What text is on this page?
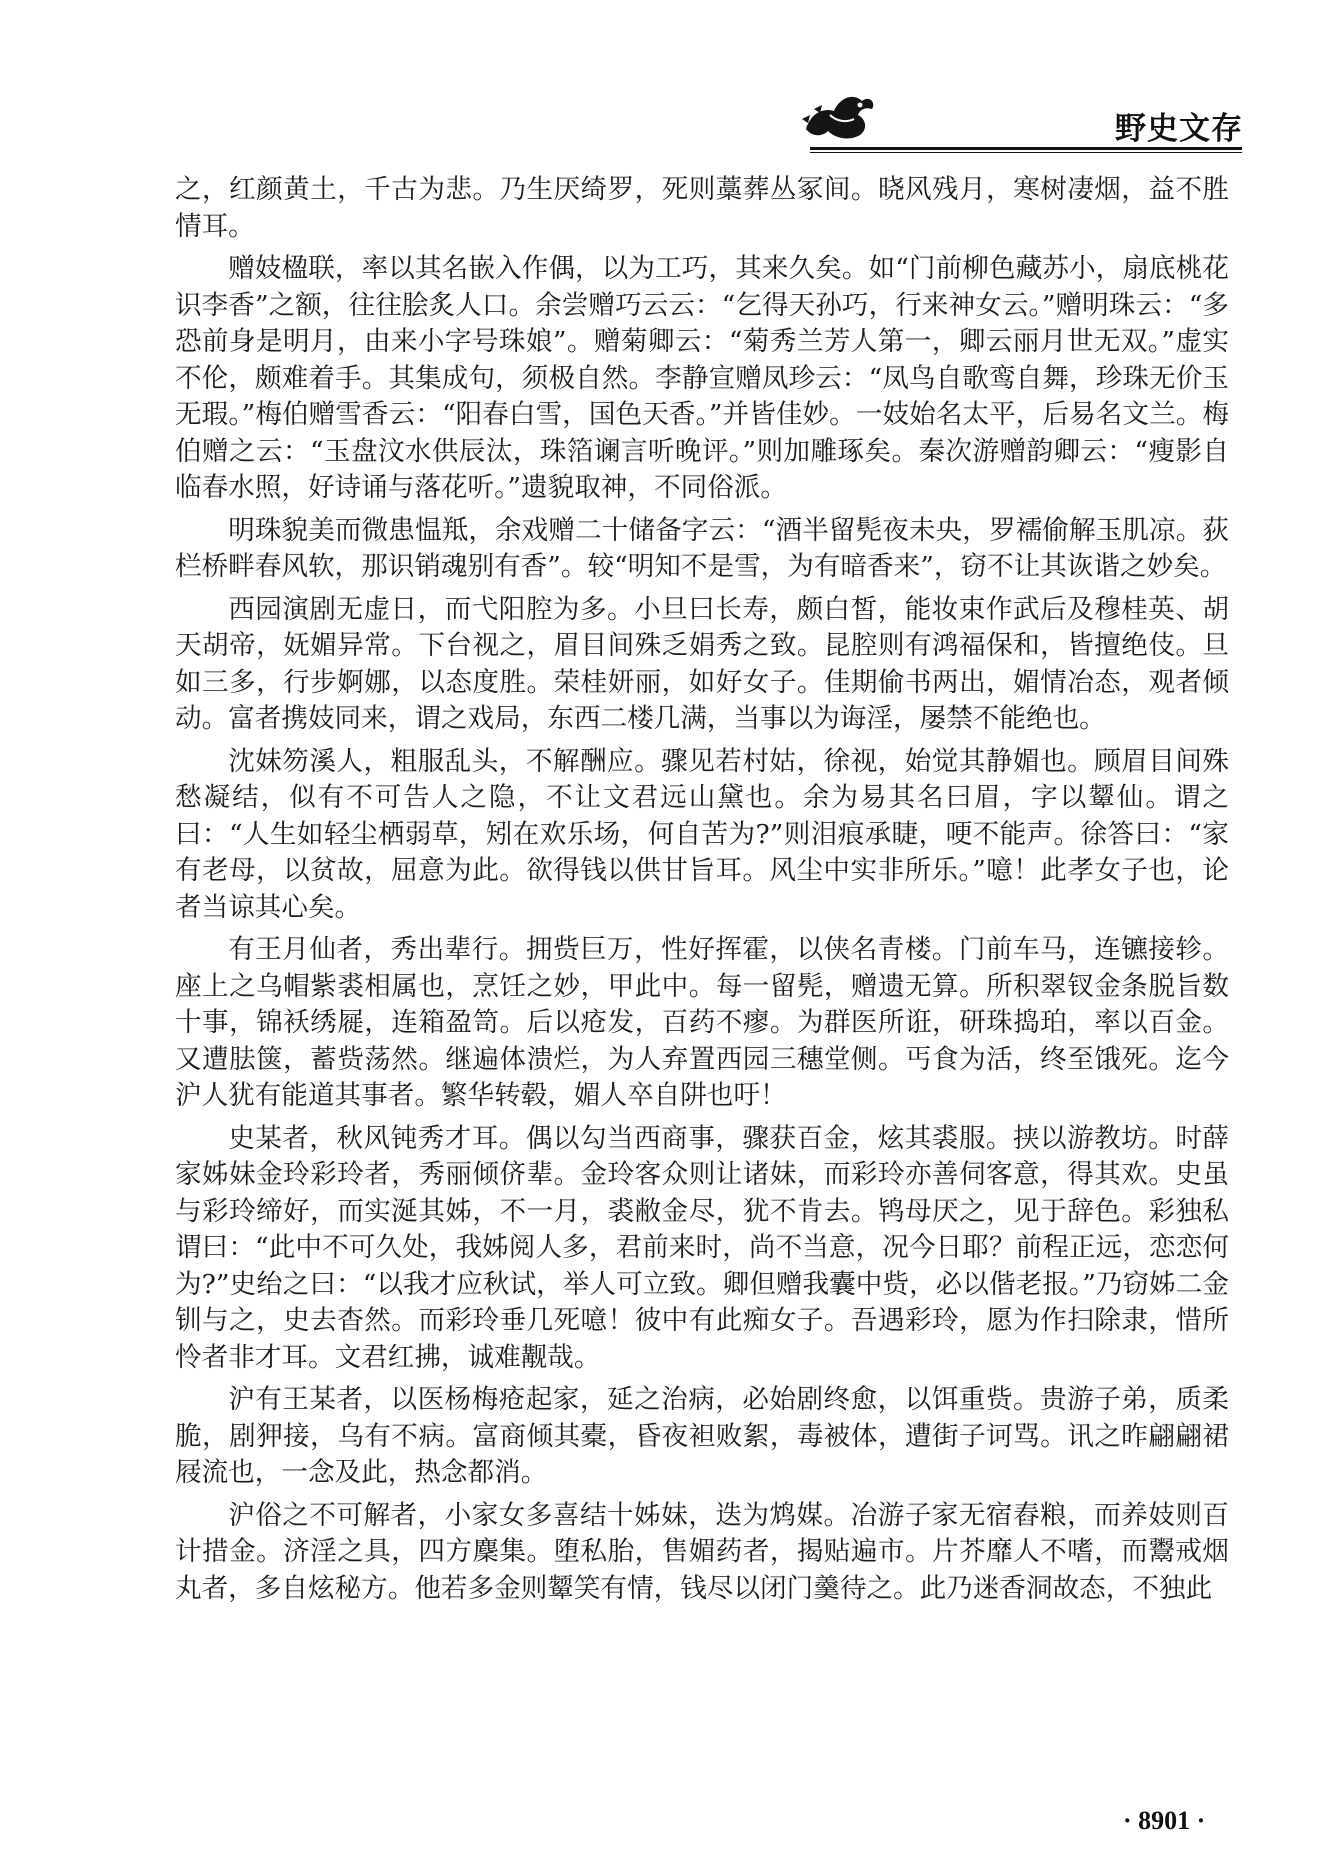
野史文存

之，红颜黄土，千古为悲。乃生厌绮罗，死则藁葬丛冢间。晓风残月，寒树凄烟，益不胜情耳。

赠妓楹联，率以其名嵌入作偶，以为工巧，其来久矣。如“门前柳色藏苏小，扇底桃花识李香”之额，往往脍炙人口。余尝赠巧云云：“乞得天孙巧，行来神女云。”赠明珠云：“多恐前身是明月，由来小字号珠娘”。赠菊卿云：“菊秀兰芳人第一，卿云丽月世无双。”虚实不伦，颇难着手。其集成句，须极自然。李静宣赠凤珍云：“凤鸟自歌鸾自舞，珍珠无价玉无瑕。”梅伯赠雪香云：“阳春白雪，国色天香。”并皆佳妙。一妓始名太平，后易名文兰。梅伯赠之云：“玉盘汶水供辰汰，珠箔谰言听晚评。”则加雕琢矣。秦次游赠韵卿云：“瘦影自临春水照，好诗诵与落花听。”遗貌取神，不同俗派。

明珠貌美而微患愠羝，余戏赠二十储备字云：“酒半留髡夜未央，罗襦偷解玉肌凉。荻栏桥畔春风软，那识销魂别有香”。较“明知不是雪，为有暗香来”，窃不让其诙谐之妙矣。

西园演剧无虚日，而弋阳腔为多。小旦曰长寿，颇白皙，能妆束作武后及穆桂英、胡天胡帝，妩媚异常。下台视之，眉目间殊乏娟秀之致。昆腔则有鸿福保和，皆擅绝伎。旦如三多，行步婀娜，以态度胜。荣桂妍丽，如好女子。佳期偷书两出，媚情冶态，观者倾动。富者携妓同来，谓之戏局，东西二楼几满，当事以为诲淫，屡禁不能绝也。

沈妹笏溪人，粗服乱头，不解酬应。骤见若村姑，徐视，始觉其静媚也。顾眉目间殊愁凝结，似有不可告人之隐，不让文君远山黛也。余为易其名曰眉，字以颦仙。谓之曰：“人生如轻尘栖弱草，矧在欢乐场，何自苦为?”则泪痕承睫，哽不能声。徐答曰：“家有老母，以贫故，屈意为此。欲得钱以供甘旨耳。风尘中实非所乐。”噫！此孝女子也，论者当谅其心矣。

有王月仙者，秀出辈行。拥赀巨万，性好挥霍，以侠名青楼。门前车马，连镳接轸。座上之乌帽紫裘相属也，烹饪之妙，甲此中。每一留髡，赠遗无算。所积翠钗金条脱旨数十事，锦袄绣屣，连箱盈笥。后以疮发，百药不瘳。为群医所诳，研珠捣珀，率以百金。又遭胠箧，蓄赀荡然。继遍体溃烂，为人弃置西园三穗堂侧。丐食为活，终至饿死。迄今沪人犹有能道其事者。繁华转毂，媚人卒自阱也吁！

史某者，秋风钝秀才耳。偶以勾当西商事，骤获百金，炫其裘服。挟以游教坊。时薛家姊妹金玲彩玲者，秀丽倾侪辈。金玲客众则让诸妹，而彩玲亦善伺客意，得其欢。史虽与彩玲缔好，而实涎其姊，不一月，裘敝金尽，犹不肯去。鸨母厌之，见于辞色。彩独私谓曰：“此中不可久处，我姊阅人多，君前来时，尚不当意，况今日耶？前程正远，恋恋何为?”史绐之曰：“以我才应秋试，举人可立致。卿但赠我囊中赀，必以偕老报。”乃窃姊二金钏与之，史去杳然。而彩玲垂几死噫！彼中有此痴女子。吾遇彩玲，愿为作扫除隶，惜所怜者非才耳。文君红拂，诚难觏哉。

沪有王某者，以医杨梅疮起家，延之治病，必始剧终愈，以饵重赀。贵游子弟，质柔脆，剧狎接，乌有不病。富商倾其橐，昏夜袒败絮，毒被体，遭街子诃骂。讯之昨翩翩裙屐流也，一念及此，热念都消。

沪俗之不可解者，小家女多喜结十姊妹，迭为鸩媒。冶游子家无宿舂粮，而养妓则百计措金。济淫之具，四方麇集。堕私胎，售媚药者，揭贴遍市。片芥靡人不嗜，而鬻戒烟丸者，多自炫秘方。他若多金则颦笑有情，钱尽以闭门羹待之。此乃迷香洞故态，不独此

· 8901 ·
